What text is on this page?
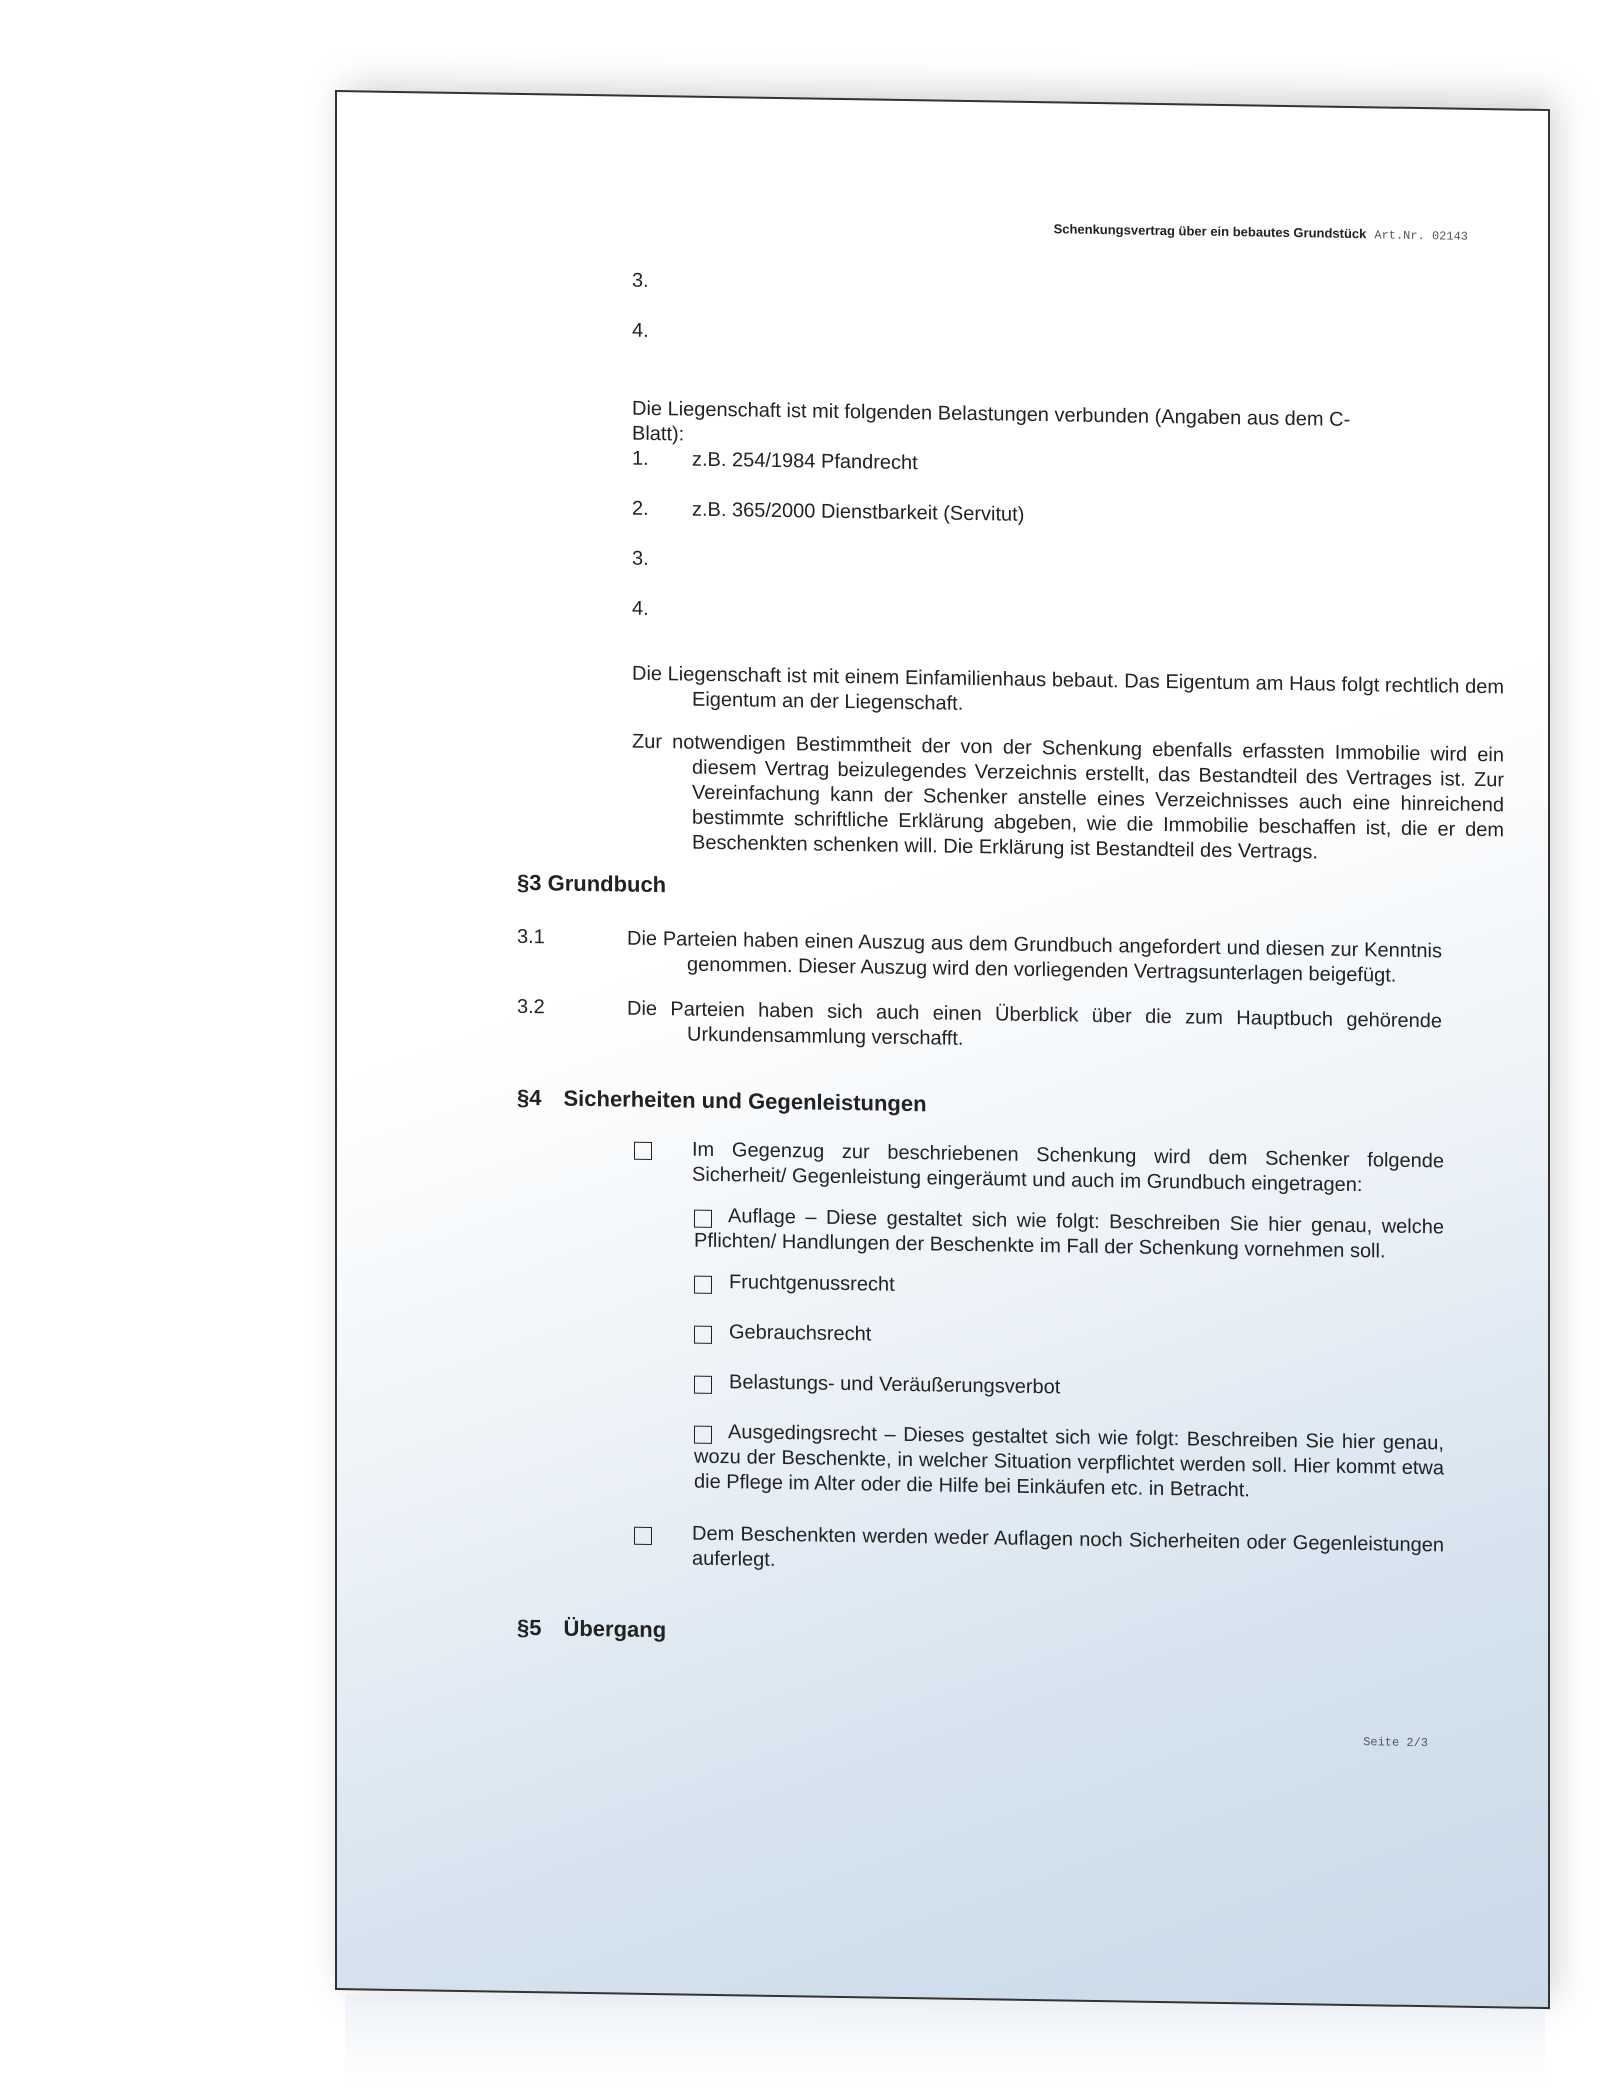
Schenkungsvertrag über ein bebautes Grundstück Art.Nr. 02143
3.
4.
Die Liegenschaft ist mit folgenden Belastungen verbunden (Angaben aus dem C-Blatt):
1. z.B. 254/1984 Pfandrecht
2. z.B. 365/2000 Dienstbarkeit (Servitut)
3.
4.
Die Liegenschaft ist mit einem Einfamilienhaus bebaut. Das Eigentum am Haus folgt rechtlich dem Eigentum an der Liegenschaft.
Zur notwendigen Bestimmtheit der von der Schenkung ebenfalls erfassten Immobilie wird ein diesem Vertrag beizulegendes Verzeichnis erstellt, das Bestandteil des Vertrages ist. Zur Vereinfachung kann der Schenker anstelle eines Verzeichnisses auch eine hinreichend bestimmte schriftliche Erklärung abgeben, wie die Immobilie beschaffen ist, die er dem Beschenkten schenken will. Die Erklärung ist Bestandteil des Vertrags.
§3 Grundbuch
3.1	Die Parteien haben einen Auszug aus dem Grundbuch angefordert und diesen zur Kenntnis genommen. Dieser Auszug wird den vorliegenden Vertragsunterlagen beigefügt.
3.2	Die Parteien haben sich auch einen Überblick über die zum Hauptbuch gehörende Urkundensammlung verschafft.
§4 Sicherheiten und Gegenleistungen
Im Gegenzug zur beschriebenen Schenkung wird dem Schenker folgende Sicherheit/ Gegenleistung eingeräumt und auch im Grundbuch eingetragen:
Auflage – Diese gestaltet sich wie folgt: Beschreiben Sie hier genau, welche Pflichten/ Handlungen der Beschenkte im Fall der Schenkung vornehmen soll.
Fruchtgenussrecht
Gebrauchsrecht
Belastungs- und Veräußerungsverbot
Ausgedingsrecht – Dieses gestaltet sich wie folgt: Beschreiben Sie hier genau, wozu der Beschenkte, in welcher Situation verpflichtet werden soll. Hier kommt etwa die Pflege im Alter oder die Hilfe bei Einkäufen etc. in Betracht.
Dem Beschenkten werden weder Auflagen noch Sicherheiten oder Gegenleistungen auferlegt.
§5 Übergang
Seite 2/3
